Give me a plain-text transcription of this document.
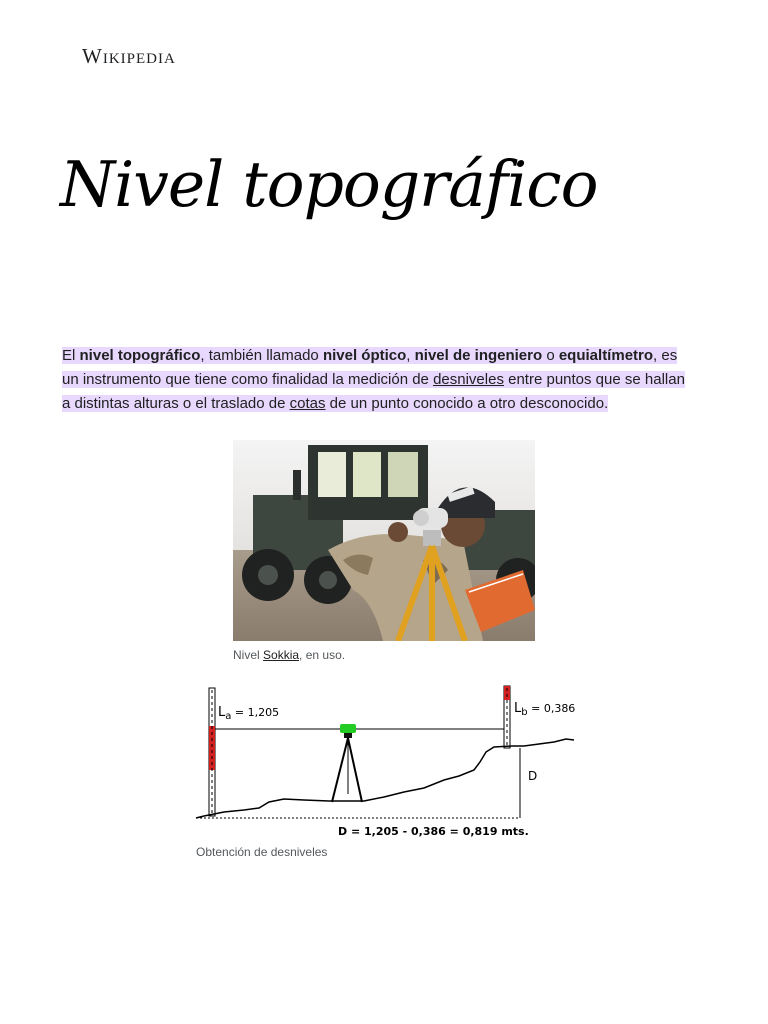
Wikipedia
Nivel topográfico

El nivel topográfico, también llamado nivel óptico, nivel de ingeniero o equialtímetro, es un instrumento que tiene como finalidad la medición de desniveles entre puntos que se hallan a distintas alturas o el traslado de cotas de un punto conocido a otro desconocido.

Nivel Sokkia, en uso.
D
$L_a$ $^{= 1,205}$	$L_b$ $^{= 0,386}$
D = 1,205 - 0,386 = 0,819 mts.
Obtención de desniveles
